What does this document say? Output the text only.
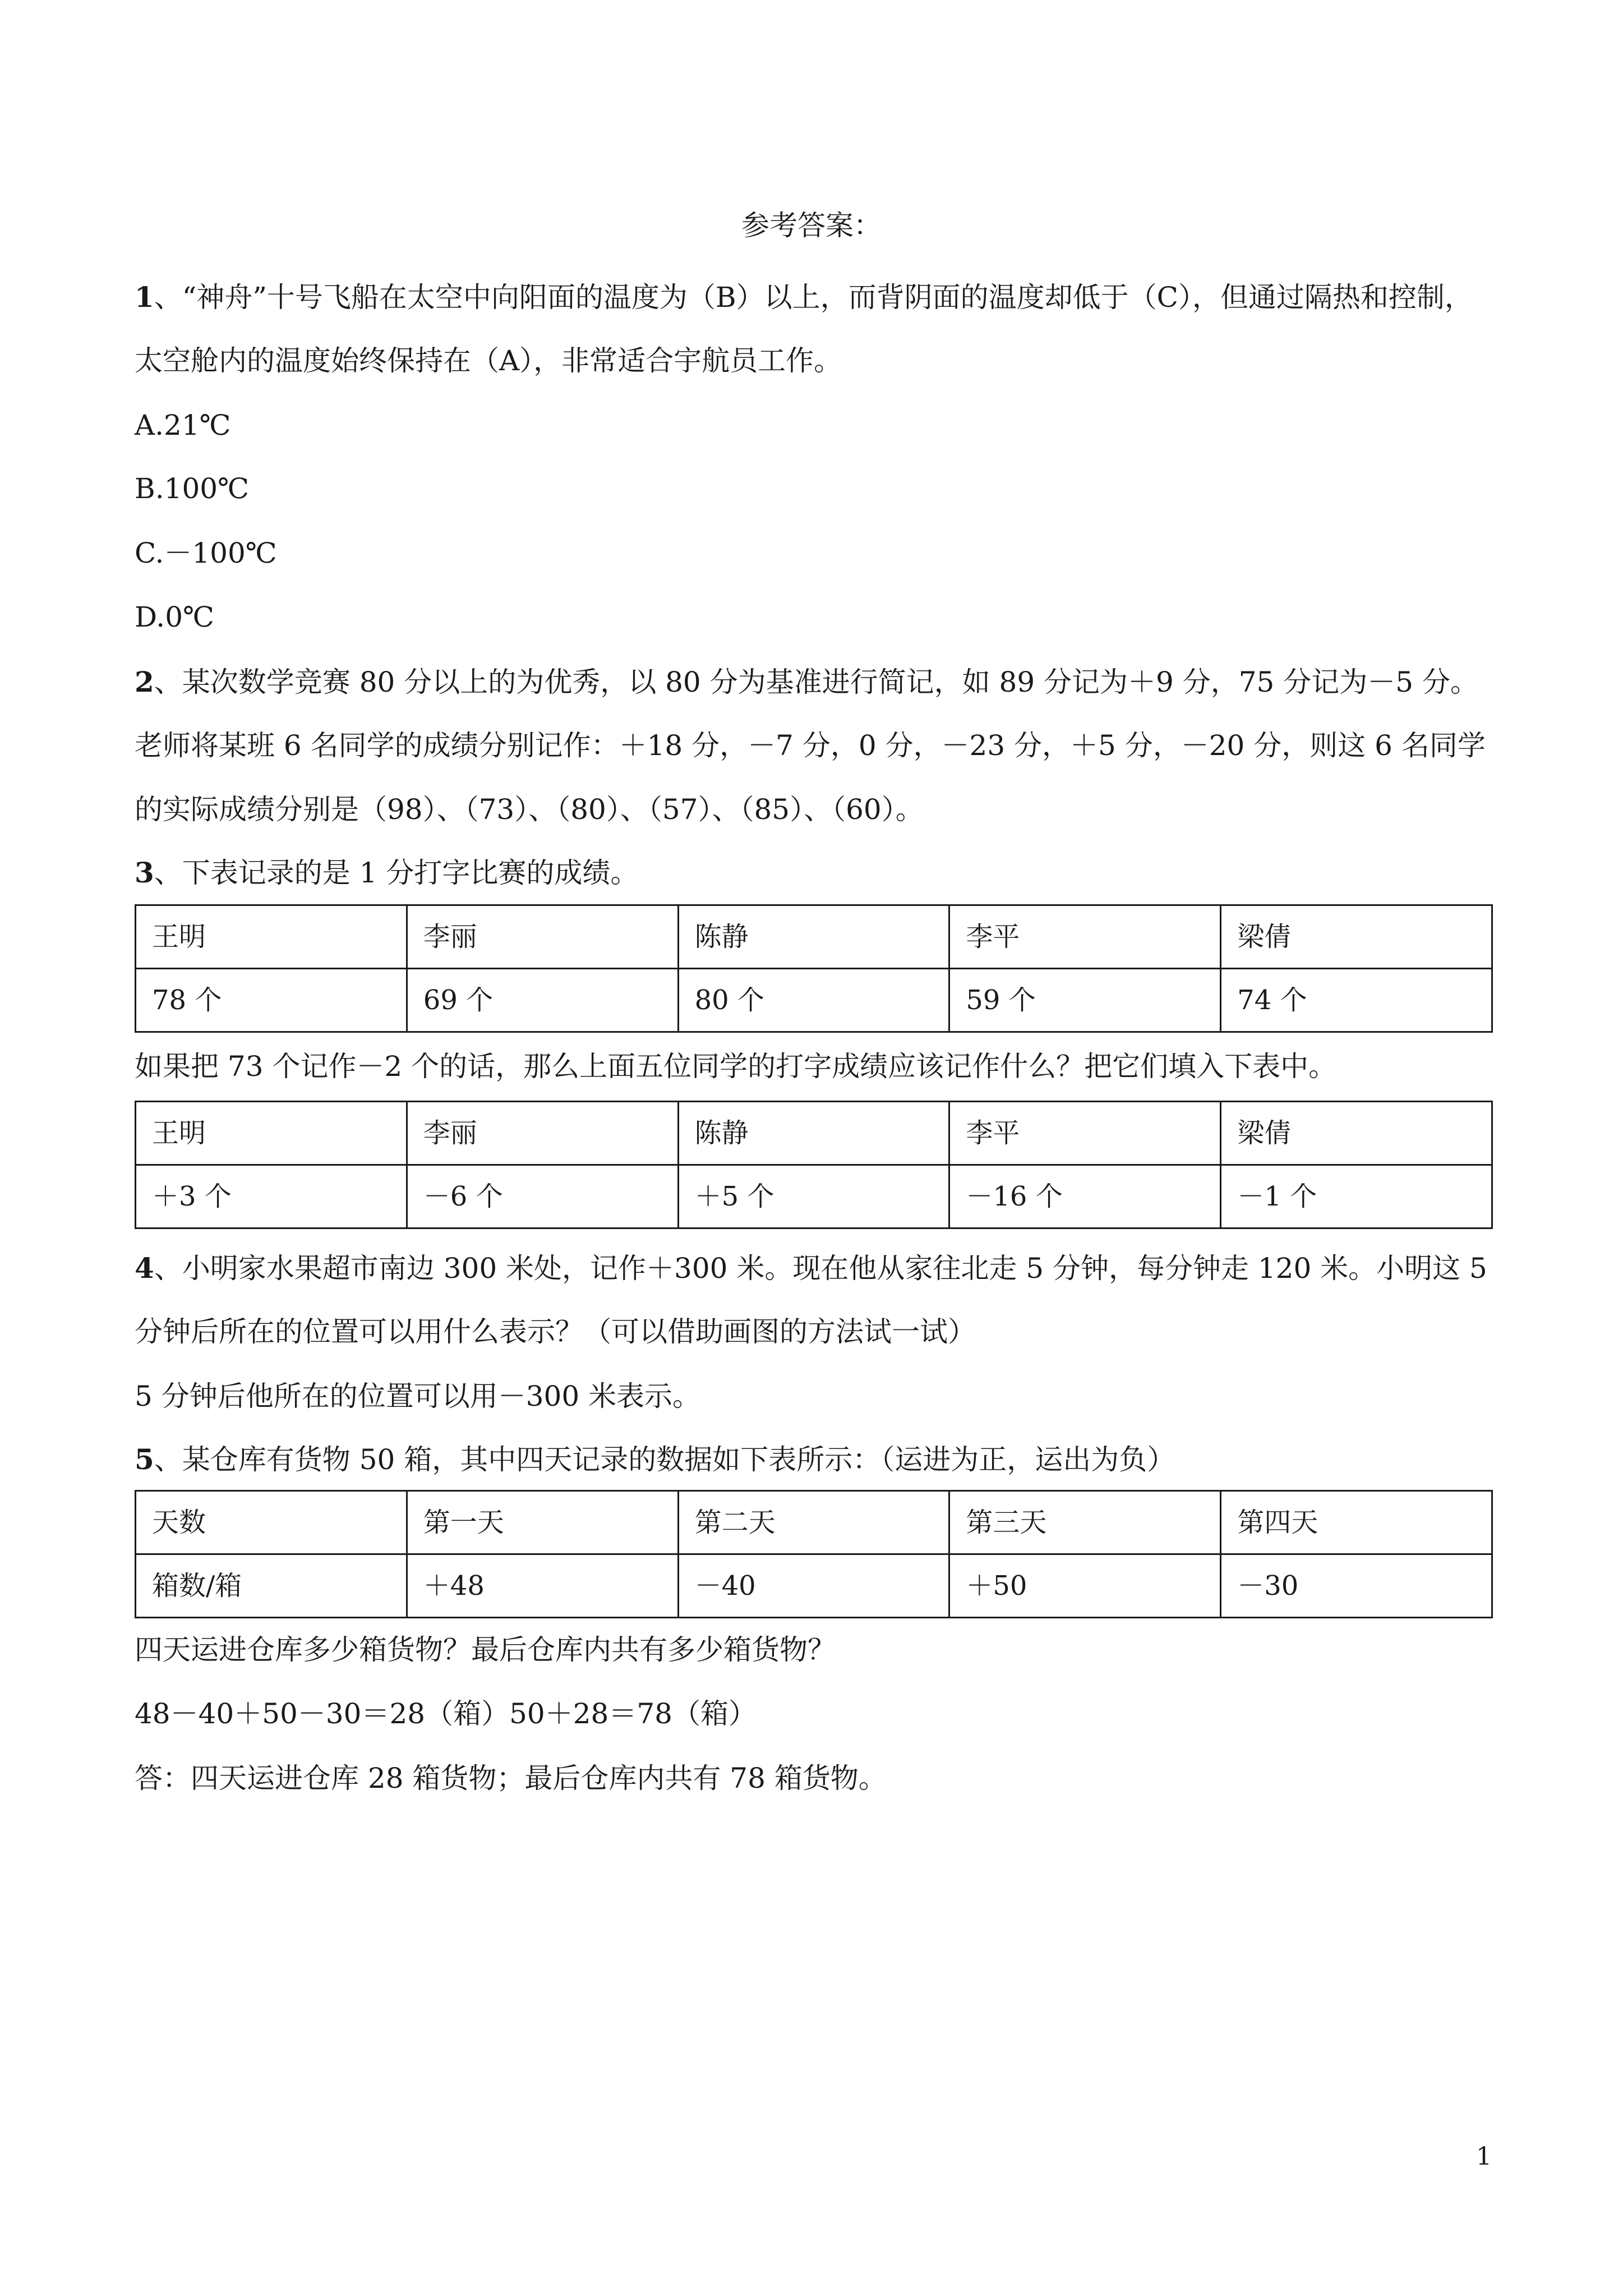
参考答案：
1、“神舟”十号飞船在太空中向阳面的温度为（B）以上，而背阴面的温度却低于（C），但通过隔热和控制，
太空舱内的温度始终保持在（A），非常适合宇航员工作。
A.21℃
B.100℃
C.－100℃
D.0℃
2、某次数学竞赛 80 分以上的为优秀，以 80 分为基准进行简记，如 89 分记为＋9 分，75 分记为－5 分。
老师将某班 6 名同学的成绩分别记作：＋18 分，－7 分，0 分，－23 分，＋5 分，－20 分，则这 6 名同学
的实际成绩分别是（98）、（73）、（80）、（57）、（85）、（60）。
3、下表记录的是 1 分打字比赛的成绩。
王明	李丽	陈静	李平	梁倩
78 个	69 个	80 个	59 个	74 个
如果把 73 个记作－2 个的话，那么上面五位同学的打字成绩应该记作什么？把它们填入下表中。
王明	李丽	陈静	李平	梁倩
＋3 个	－6 个	＋5 个	－16 个	－1 个
4、小明家水果超市南边 300 米处，记作＋300 米。现在他从家往北走 5 分钟，每分钟走 120 米。小明这 5
分钟后所在的位置可以用什么表示？（可以借助画图的方法试一试）
5 分钟后他所在的位置可以用－300 米表示。
5、某仓库有货物 50 箱，其中四天记录的数据如下表所示：（运进为正，运出为负）
天数	第一天	第二天	第三天	第四天
箱数/箱	＋48	－40	＋50	－30
四天运进仓库多少箱货物？最后仓库内共有多少箱货物？
48－40＋50－30＝28（箱）50＋28＝78（箱）
答：四天运进仓库 28 箱货物；最后仓库内共有 78 箱货物。
1
